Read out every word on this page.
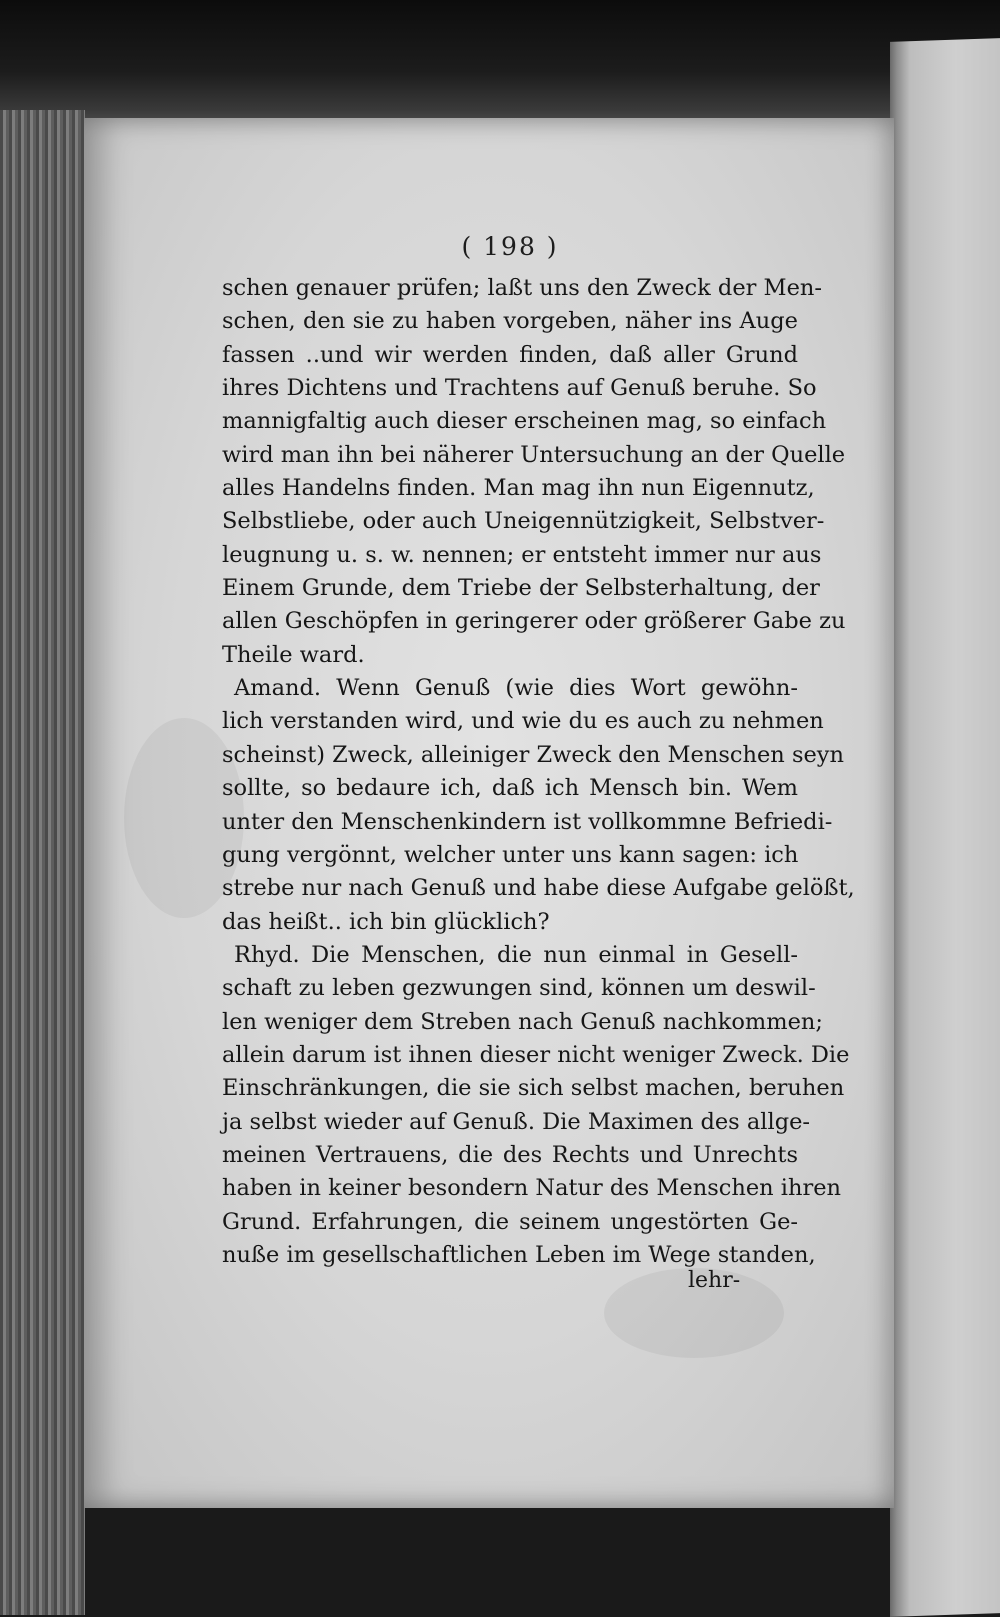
( 198 )
schen genauer prüfen; laßt uns den Zweck der Men‐
schen, den sie zu haben vorgeben, näher ins Auge
fassen ..und wir werden finden, daß aller Grund
ihres Dichtens und Trachtens auf Genuß beruhe. So
mannigfaltig auch dieser erscheinen mag, so einfach
wird man ihn bei näherer Untersuchung an der Quelle
alles Handelns finden. Man mag ihn nun Eigennutz,
Selbstliebe, oder auch Uneigennützigkeit, Selbstver‐
leugnung u. s. w. nennen; er entsteht immer nur aus
Einem Grunde, dem Triebe der Selbsterhaltung, der
allen Geschöpfen in geringerer oder größerer Gabe zu
Theile ward.
Amand. Wenn Genuß (wie dies Wort gewöhn‐
lich verstanden wird, und wie du es auch zu nehmen
scheinst) Zweck, alleiniger Zweck den Menschen seyn
sollte, so bedaure ich, daß ich Mensch bin. Wem
unter den Menschenkindern ist vollkommne Befriedi‐
gung vergönnt, welcher unter uns kann sagen: ich
strebe nur nach Genuß und habe diese Aufgabe gelößt,
das heißt.. ich bin glücklich?
Rhyd. Die Menschen, die nun einmal in Gesell‐
schaft zu leben gezwungen sind, können um deswil‐
len weniger dem Streben nach Genuß nachkommen;
allein darum ist ihnen dieser nicht weniger Zweck. Die
Einschränkungen, die sie sich selbst machen, beruhen
ja selbst wieder auf Genuß. Die Maximen des allge‐
meinen Vertrauens, die des Rechts und Unrechts
haben in keiner besondern Natur des Menschen ihren
Grund. Erfahrungen, die seinem ungestörten Ge‐
nuße im gesellschaftlichen Leben im Wege standen,
lehr‐
